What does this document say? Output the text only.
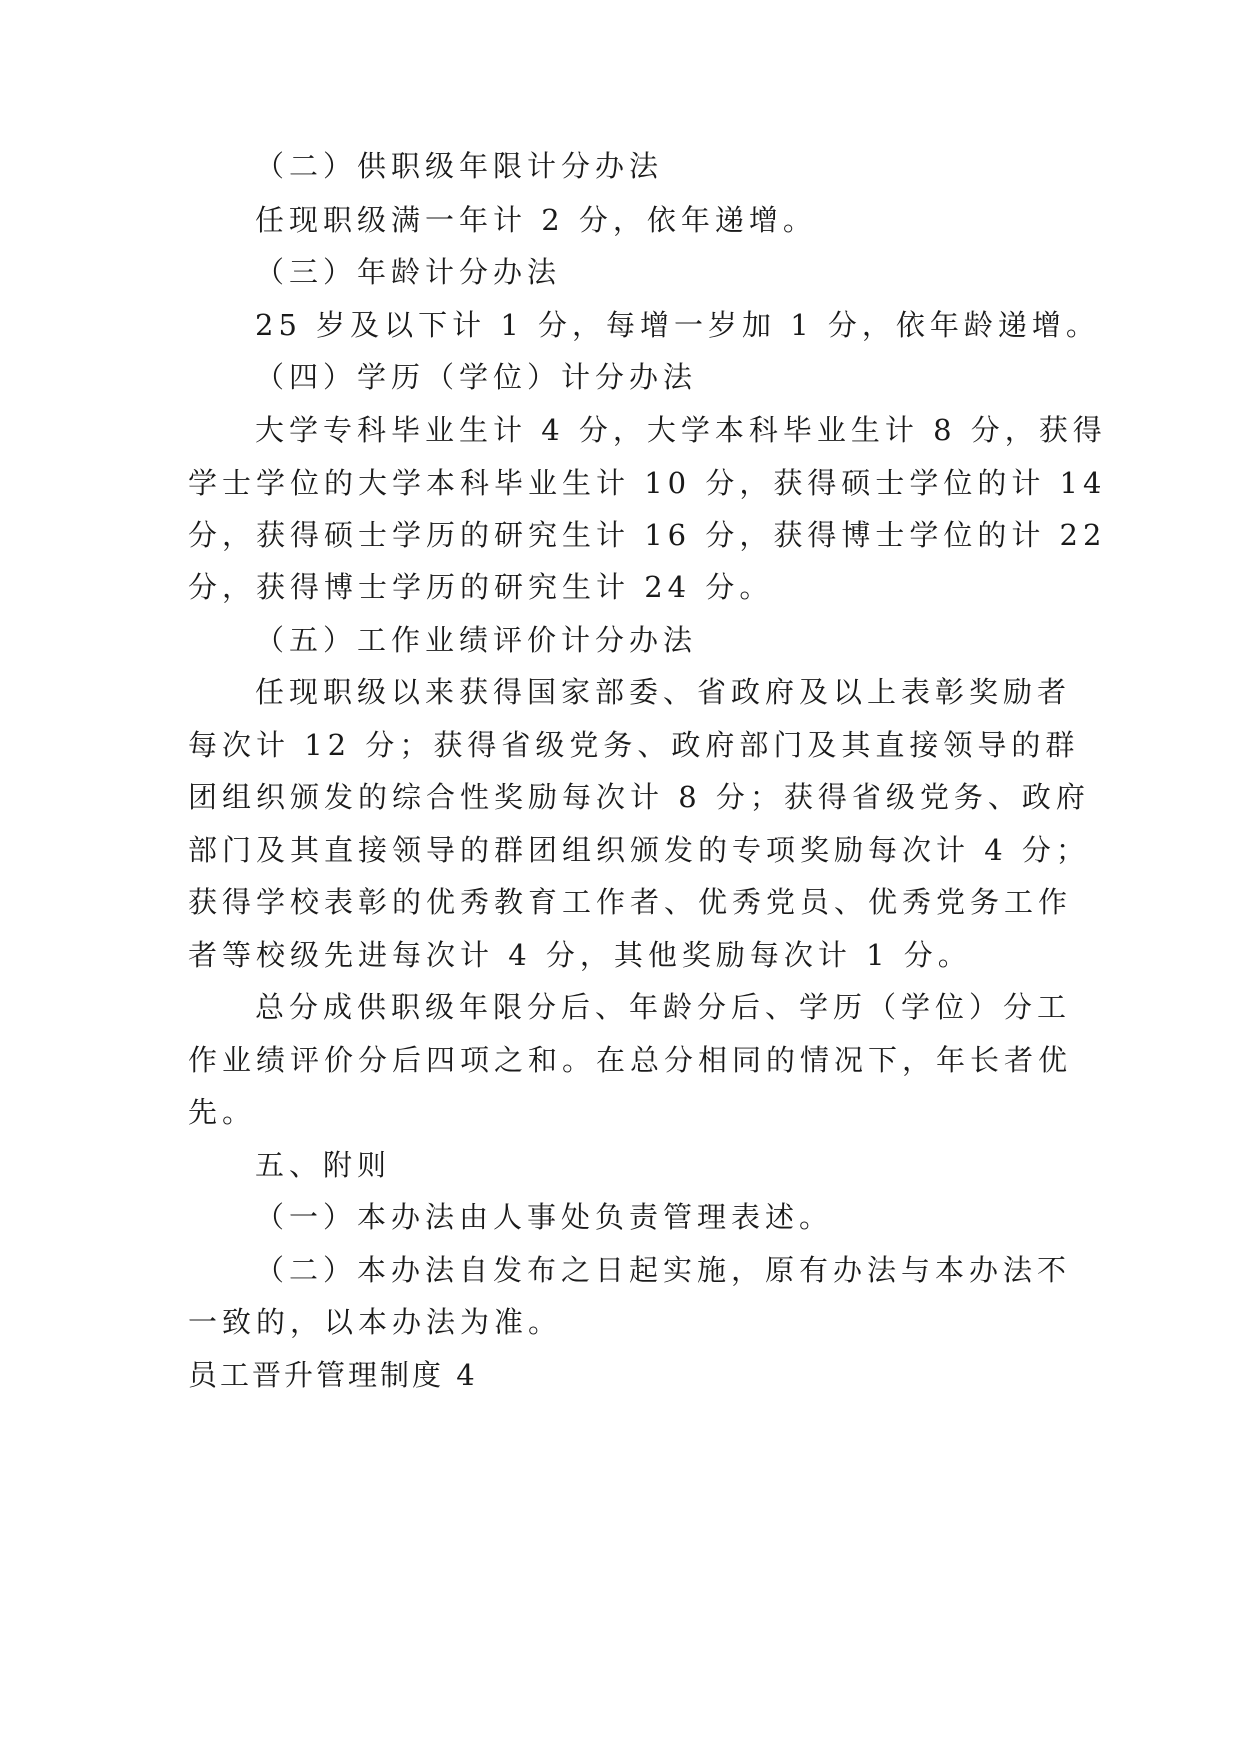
（二）供职级年限计分办法
任现职级满一年计 2 分，依年递增。
（三）年龄计分办法
25 岁及以下计 1 分，每增一岁加 1 分，依年龄递增。
（四）学历（学位）计分办法
大学专科毕业生计 4 分，大学本科毕业生计 8 分，获得
学士学位的大学本科毕业生计 10 分，获得硕士学位的计 14
分，获得硕士学历的研究生计 16 分，获得博士学位的计 22
分，获得博士学历的研究生计 24 分。
（五）工作业绩评价计分办法
任现职级以来获得国家部委、省政府及以上表彰奖励者
每次计 12 分；获得省级党务、政府部门及其直接领导的群
团组织颁发的综合性奖励每次计 8 分；获得省级党务、政府
部门及其直接领导的群团组织颁发的专项奖励每次计 4 分；
获得学校表彰的优秀教育工作者、优秀党员、优秀党务工作
者等校级先进每次计 4 分，其他奖励每次计 1 分。
总分成供职级年限分后、年龄分后、学历（学位）分工
作业绩评价分后四项之和。在总分相同的情况下，年长者优
先。
五、附则
（一）本办法由人事处负责管理表述。
（二）本办法自发布之日起实施，原有办法与本办法不
一致的，以本办法为准。
员工晋升管理制度 4
